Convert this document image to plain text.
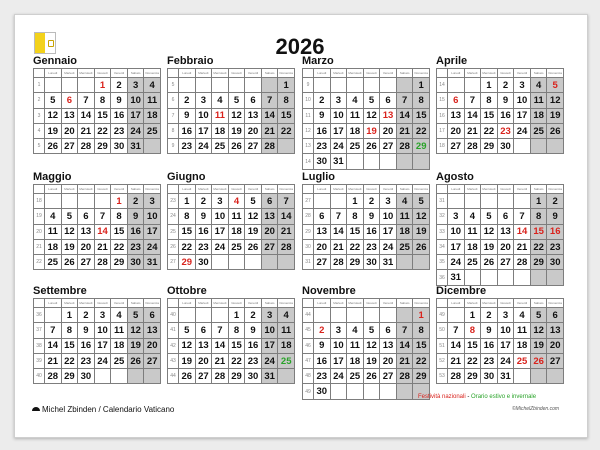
2026
Gennaio
	Lunedì	Martedì	Mercoledì	Giovedì	Venerdì	Sabato	Domenica
1				1	2	3	4
2	5	6	7	8	9	10	11
3	12	13	14	15	16	17	18
4	19	20	21	22	23	24	25
5	26	27	28	29	30	31	
Febbraio
	Lunedì	Martedì	Mercoledì	Giovedì	Venerdì	Sabato	Domenica
5							1
6	2	3	4	5	6	7	8
7	9	10	11	12	13	14	15
8	16	17	18	19	20	21	22
9	23	24	25	26	27	28	
Marzo
	Lunedì	Martedì	Mercoledì	Giovedì	Venerdì	Sabato	Domenica
9							1
10	2	3	4	5	6	7	8
11	9	10	11	12	13	14	15
12	16	17	18	19	20	21	22
13	23	24	25	26	27	28	29
14	30	31					
Aprile
	Lunedì	Martedì	Mercoledì	Giovedì	Venerdì	Sabato	Domenica
14			1	2	3	4	5
15	6	7	8	9	10	11	12
16	13	14	15	16	17	18	19
17	20	21	22	23	24	25	26
18	27	28	29	30			
Maggio
	Lunedì	Martedì	Mercoledì	Giovedì	Venerdì	Sabato	Domenica
18					1	2	3
19	4	5	6	7	8	9	10
20	11	12	13	14	15	16	17
21	18	19	20	21	22	23	24
22	25	26	27	28	29	30	31
Giugno
	Lunedì	Martedì	Mercoledì	Giovedì	Venerdì	Sabato	Domenica
23	1	2	3	4	5	6	7
24	8	9	10	11	12	13	14
25	15	16	17	18	19	20	21
26	22	23	24	25	26	27	28
27	29	30					
Luglio
	Lunedì	Martedì	Mercoledì	Giovedì	Venerdì	Sabato	Domenica
27			1	2	3	4	5
28	6	7	8	9	10	11	12
29	13	14	15	16	17	18	19
30	20	21	22	23	24	25	26
31	27	28	29	30	31		
Agosto
	Lunedì	Martedì	Mercoledì	Giovedì	Venerdì	Sabato	Domenica
31						1	2
32	3	4	5	6	7	8	9
33	10	11	12	13	14	15	16
34	17	18	19	20	21	22	23
35	24	25	26	27	28	29	30
36	31						
Settembre
	Lunedì	Martedì	Mercoledì	Giovedì	Venerdì	Sabato	Domenica
36		1	2	3	4	5	6
37	7	8	9	10	11	12	13
38	14	15	16	17	18	19	20
39	21	22	23	24	25	26	27
40	28	29	30				
Ottobre
	Lunedì	Martedì	Mercoledì	Giovedì	Venerdì	Sabato	Domenica
40				1	2	3	4
41	5	6	7	8	9	10	11
42	12	13	14	15	16	17	18
43	19	20	21	22	23	24	25
44	26	27	28	29	30	31	
Novembre
	Lunedì	Martedì	Mercoledì	Giovedì	Venerdì	Sabato	Domenica
44							1
45	2	3	4	5	6	7	8
46	9	10	11	12	13	14	15
47	16	17	18	19	20	21	22
48	23	24	25	26	27	28	29
49	30						
Dicembre
	Lunedì	Martedì	Mercoledì	Giovedì	Venerdì	Sabato	Domenica
49		1	2	3	4	5	6
50	7	8	9	10	11	12	13
51	14	15	16	17	18	19	20
52	21	22	23	24	25	26	27
53	28	29	30	31			
Michel Zbinden / Calendario Vaticano
Festività nazionali - Orario estivo e invernale
©MichelZbinden.com
